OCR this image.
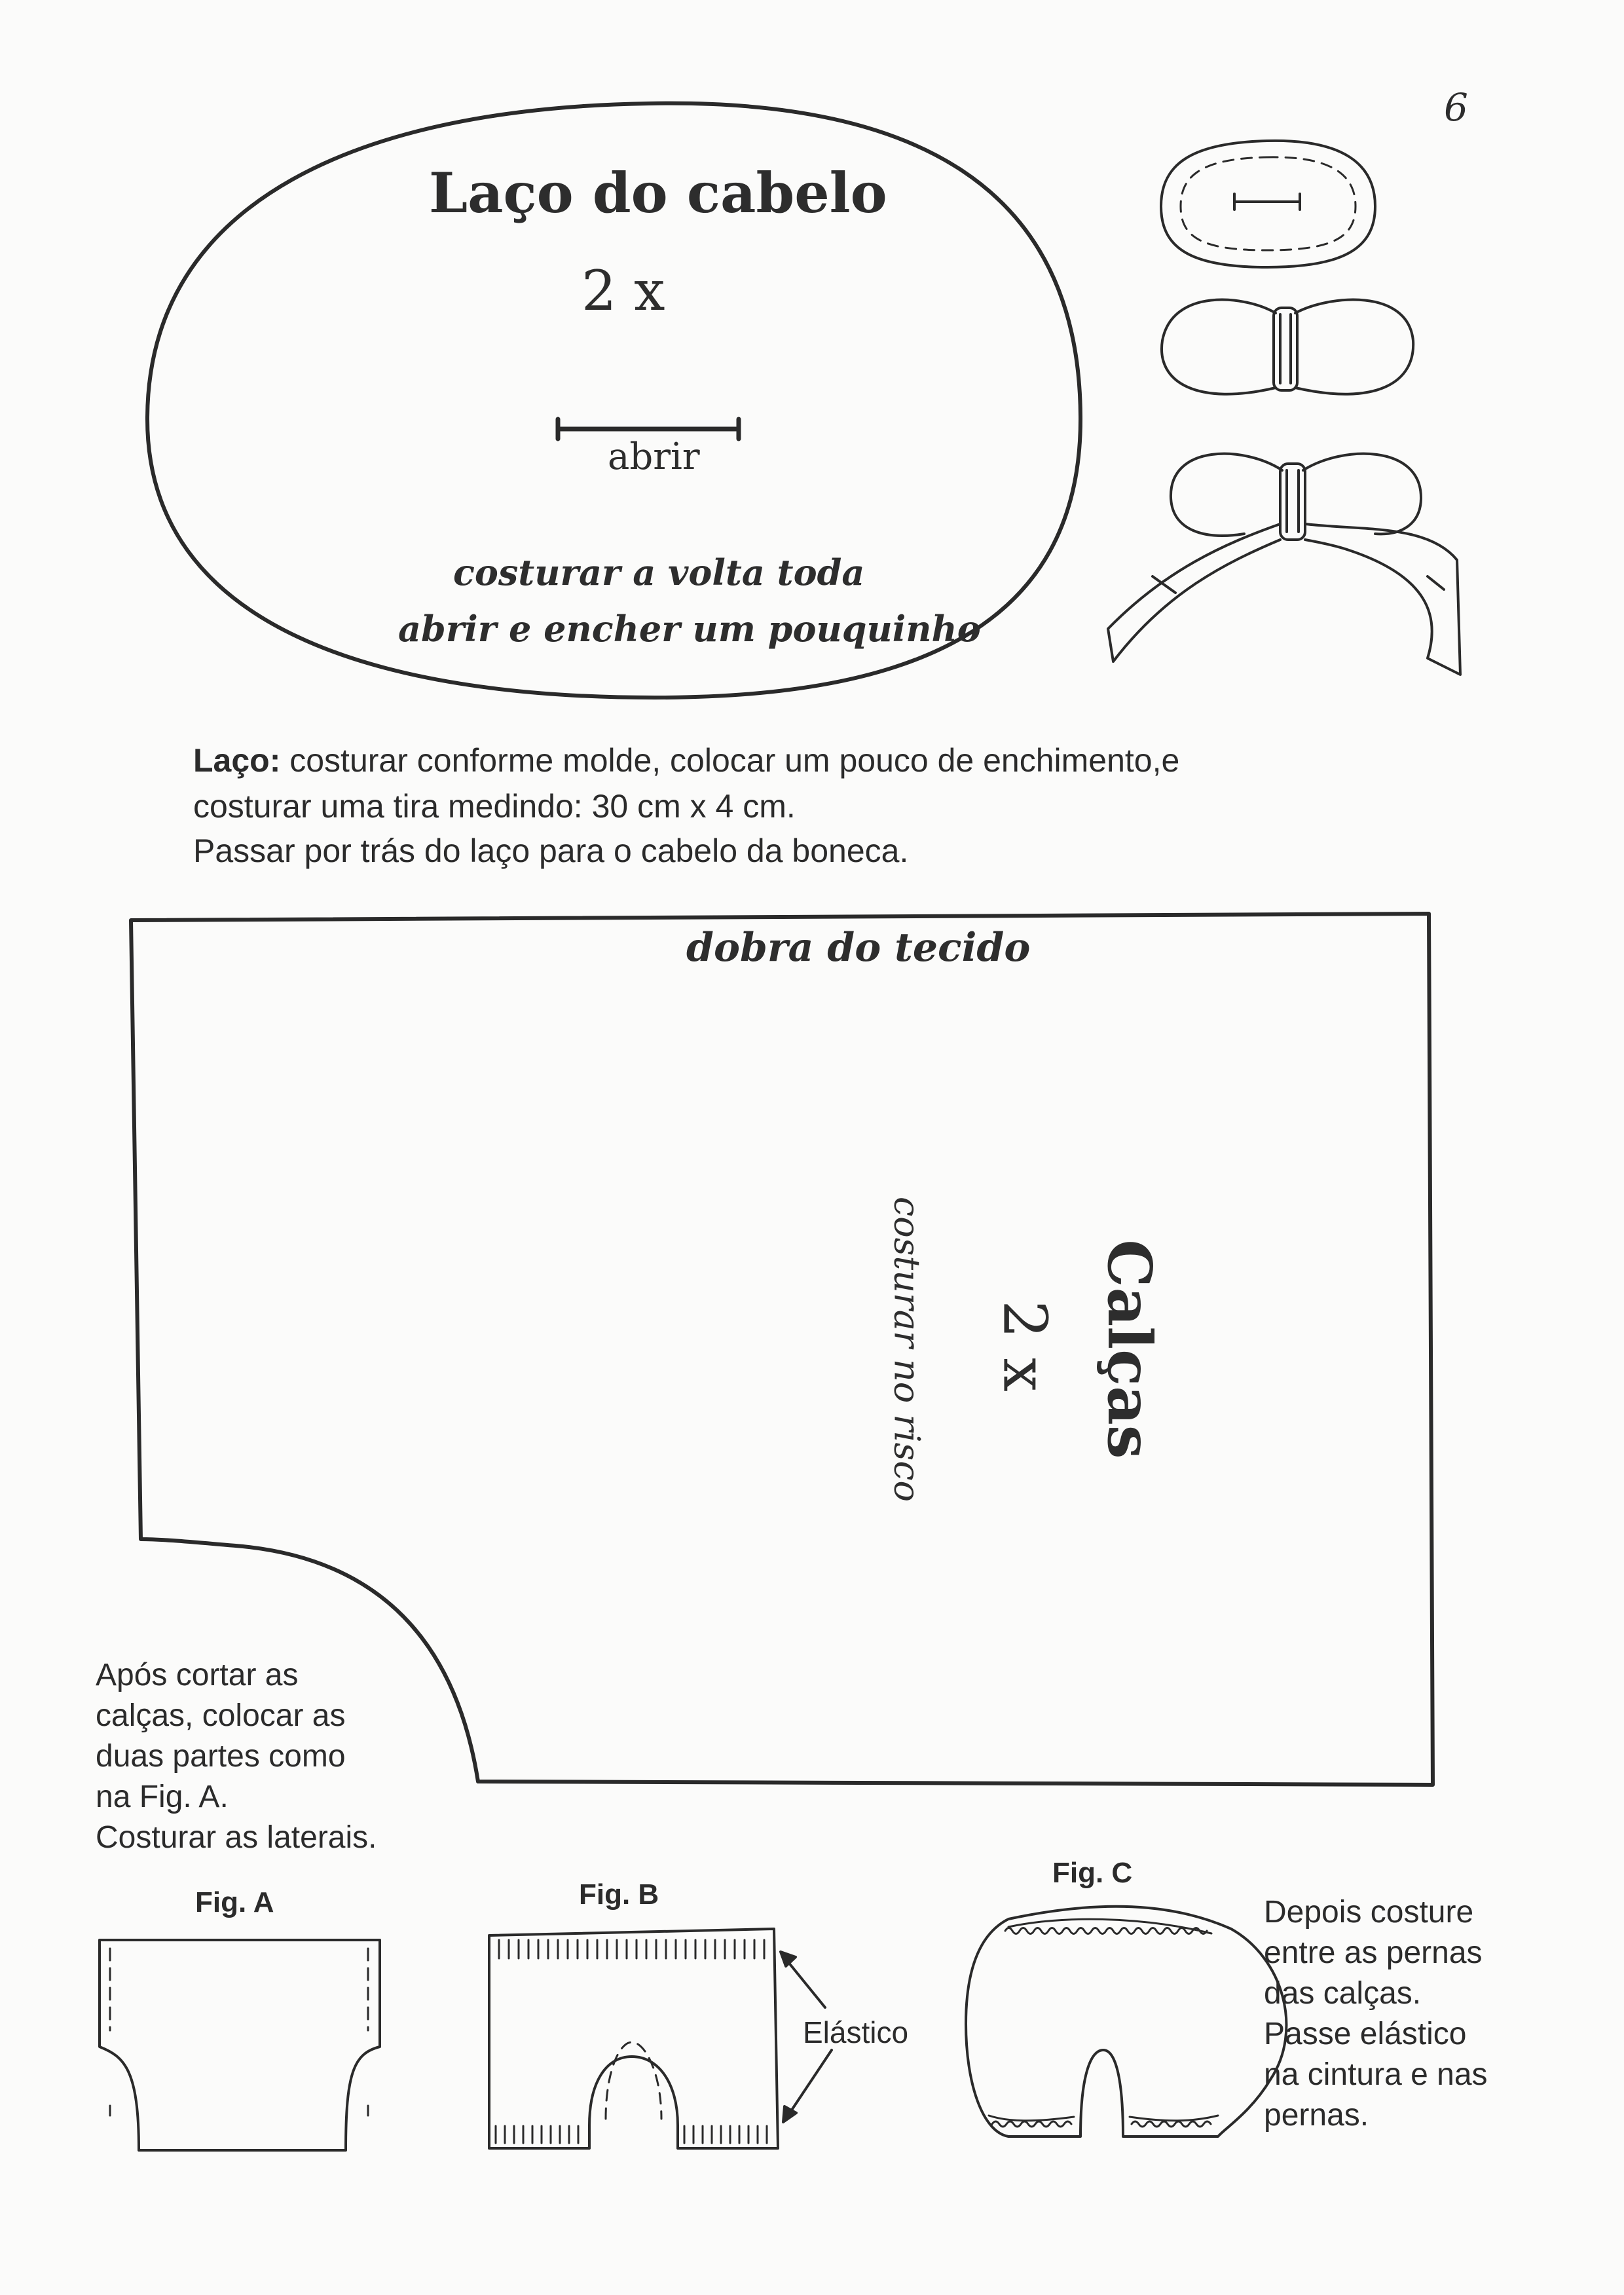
6
Laço do cabelo
2 x
abrir
costurar a volta toda
abrir e encher um pouquinho
Laço: costurar conforme molde, colocar um pouco de enchimento,e
costurar uma tira medindo: 30 cm x 4 cm.
Passar por trás do laço para o cabelo da boneca.
dobra do tecido
Calças
2 x
costurar no risco
Após cortar as
calças, colocar as
duas partes como
na Fig. A.
Costurar as laterais.
Fig. A	Fig. B
Fig. C
Elástico
Depois costure
entre as pernas
das calças.
Passe elástico
na cintura e nas
pernas.
